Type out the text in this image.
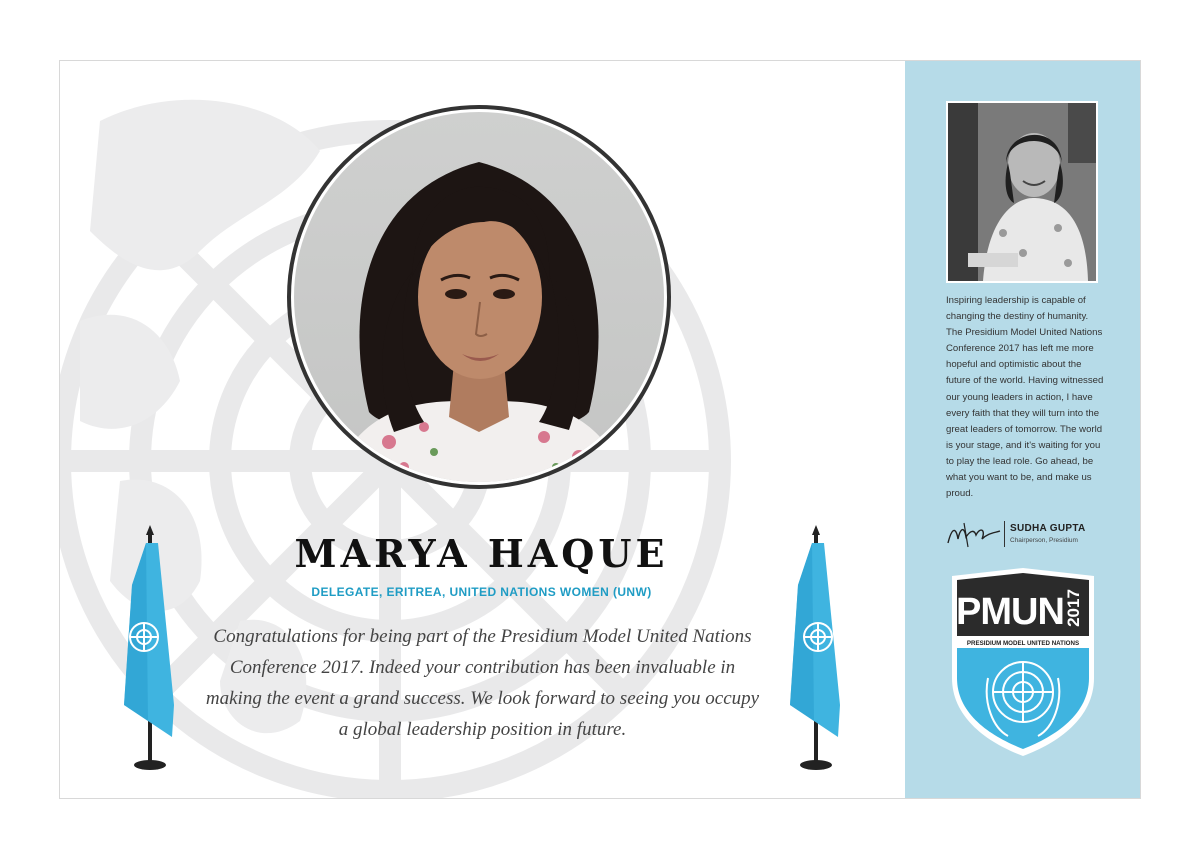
MARYA HAQUE
DELEGATE, ERITREA, UNITED NATIONS WOMEN (UNW)

Congratulations for being part of the Presidium Model United Nations Conference 2017. Indeed your contribution has been invaluable in making the event a grand success. We look forward to seeing you occupy a global leadership position in future.

Inspiring leadership is capable of changing the destiny of humanity. The Presidium Model United Nations Conference 2017 has left me more hopeful and optimistic about the future of the world. Having witnessed our young leaders in action, I have every faith that they will turn into the great leaders of tomorrow. The world is your stage, and it's waiting for you to play the lead role. Go ahead, be what you want to be, and make us proud.

SUDHA GUPTA
Chairperson, Presidium
PMUN 2017
PRESIDIUM MODEL UNITED NATIONS
